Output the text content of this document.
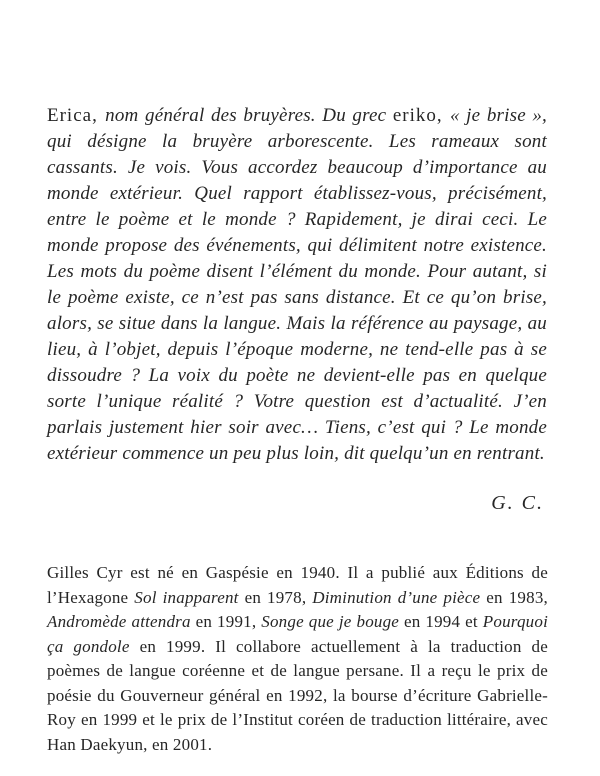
Erica, nom général des bruyères. Du grec eriko, « je brise », qui désigne la bruyère arborescente. Les rameaux sont cassants. Je vois. Vous accordez beaucoup d’importance au monde extérieur. Quel rapport établissez-vous, précisément, entre le poème et le monde ? Rapidement, je dirai ceci. Le monde propose des événements, qui délimitent notre existence. Les mots du poème disent l’élément du monde. Pour autant, si le poème existe, ce n’est pas sans distance. Et ce qu’on brise, alors, se situe dans la langue. Mais la référence au paysage, au lieu, à l’objet, depuis l’époque moderne, ne tend-elle pas à se dissoudre ? La voix du poète ne devient-elle pas en quelque sorte l’unique réalité ? Votre question est d’actualité. J’en parlais justement hier soir avec… Tiens, c’est qui ? Le monde extérieur commence un peu plus loin, dit quelqu’un en rentrant.

G. C.

Gilles Cyr est né en Gaspésie en 1940. Il a publié aux Éditions de l’Hexagone Sol inapparent en 1978, Diminution d’une pièce en 1983, Andromède attendra en 1991, Songe que je bouge en 1994 et Pourquoi ça gondole en 1999. Il collabore actuellement à la traduction de poèmes de langue coréenne et de langue persane. Il a reçu le prix de poésie du Gouverneur général en 1992, la bourse d’écriture Gabrielle-Roy en 1999 et le prix de l’Institut coréen de traduction littéraire, avec Han Daekyun, en 2001.
